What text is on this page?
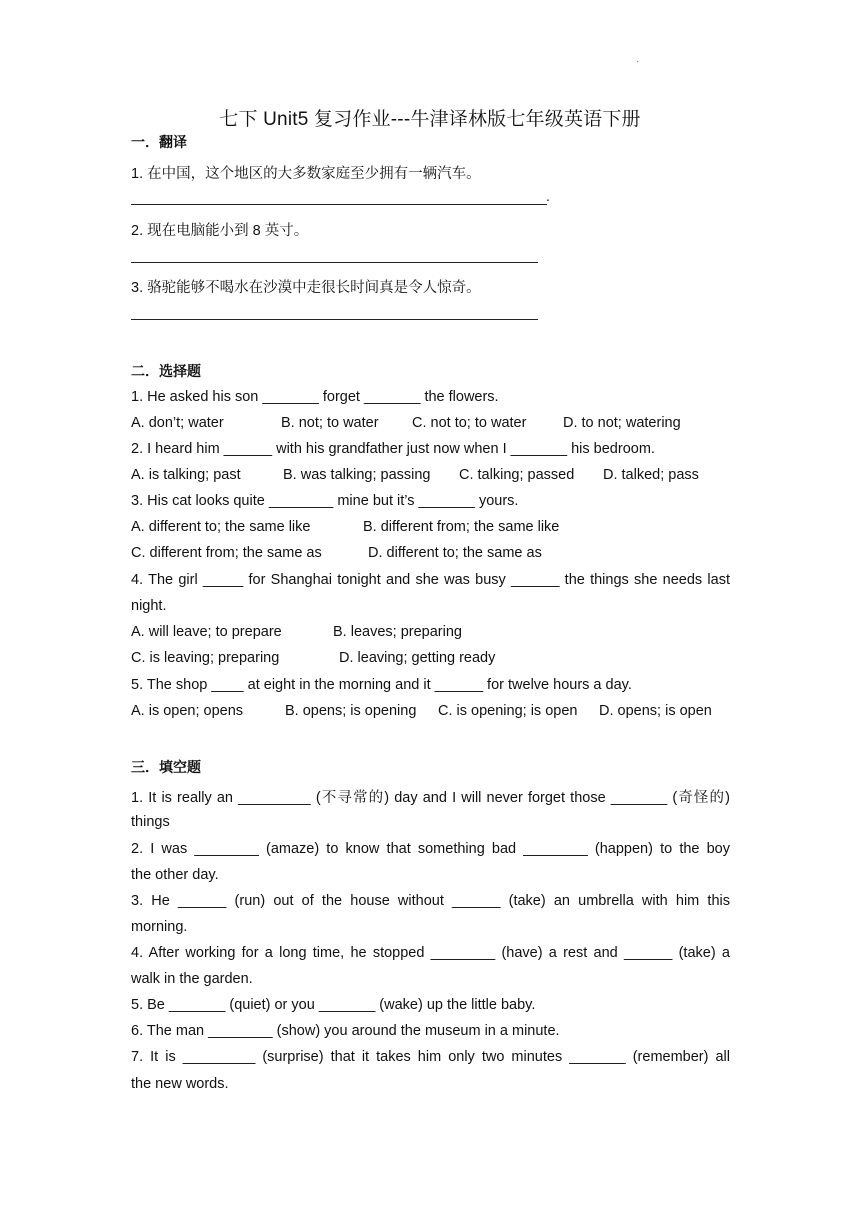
·
七下 Unit5 复习作业---牛津译林版七年级英语下册
一．翻译
1. 在中国，这个地区的大多数家庭至少拥有一辆汽车。
.
2. 现在电脑能小到 8 英寸。
3. 骆驼能够不喝水在沙漠中走很长时间真是令人惊奇。
二．选择题
1. He asked his son _______ forget _______ the flowers.
A. don’t; water	B. not; to water C. not to; to water	D. to not; watering
2. I heard him ______ with his grandfather just now when I _______ his bedroom.
A. is talking; past	B. was talking; passing C. talking; passed D. talked; pass
3. His cat looks quite ________ mine but it’s _______ yours.
A. different to; the same like	B. different from; the same like
C. different from; the same as	D. different to; the same as
4. The girl _____ for Shanghai tonight and she was busy ______ the things she needs last
night.
A. will leave; to prepare	B. leaves; preparing
C. is leaving; preparing	D. leaving; getting ready
5. The shop ____ at eight in the morning and it ______ for twelve hours a day.
A. is open; opens	B. opens; is opening C. is opening; is open D. opens; is open
三．填空题
1. It is really an _________ (不寻常的) day and I will never forget those _______ (奇怪的)
things
2. I was ________ (amaze) to know that something bad ________ (happen) to the boy
the other day.
3. He ______ (run) out of the house without ______ (take) an umbrella with him this
morning.
4. After working for a long time, he stopped ________ (have) a rest and ______ (take) a
walk in the garden.
5. Be _______ (quiet) or you _______ (wake) up the little baby.
6. The man ________ (show) you around the museum in a minute.
7. It is _________ (surprise) that it takes him only two minutes _______ (remember) all
the new words.
